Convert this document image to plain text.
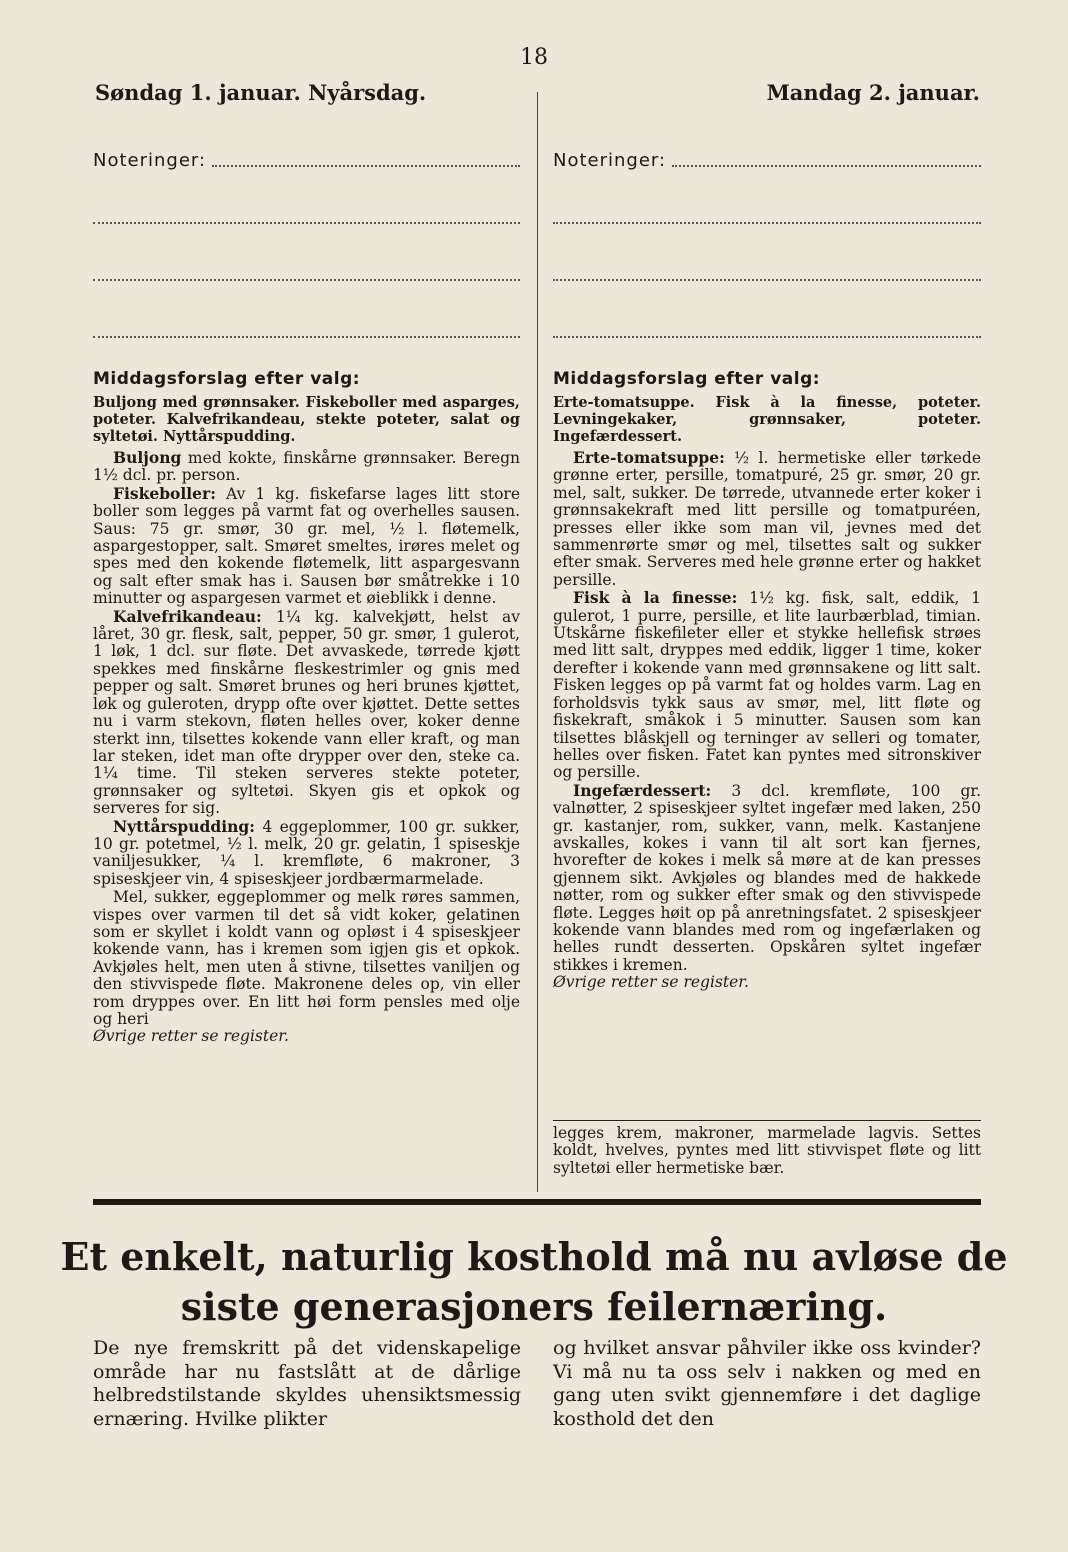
18
Søndag 1. januar. Nyårsdag.	Mandag 2. januar.
Noteringer:	Noteringer:
Middagsforslag efter valg:
Buljong med grønnsaker. Fiskeboller med asparges, poteter. Kalvefrikandeau, stekte poteter, salat og syltetøi. Nyttårspudding.

Buljong med kokte, finskårne grønnsaker. Beregn 1½ dcl. pr. person.

Fiskeboller: Av 1 kg. fiskefarse lages litt store boller som legges på varmt fat og overhelles sausen. Saus: 75 gr. smør, 30 gr. mel, ½ l. fløtemelk, aspargestopper, salt. Smøret smeltes, irøres melet og spes med den kokende fløtemelk, litt aspargesvann og salt efter smak has i. Sausen bør småtrekke i 10 minutter og aspargesen varmet et øieblikk i denne.

Kalvefrikandeau: 1¼ kg. kalvekjøtt, helst av låret, 30 gr. flesk, salt, pepper, 50 gr. smør, 1 gulerot, 1 løk, 1 dcl. sur fløte. Det avvaskede, tørrede kjøtt spekkes med finskårne fleskestrimler og gnis med pepper og salt. Smøret brunes og heri brunes kjøttet, løk og guleroten, drypp ofte over kjøttet. Dette settes nu i varm stekovn, fløten helles over, koker denne sterkt inn, tilsettes kokende vann eller kraft, og man lar steken, idet man ofte drypper over den, steke ca. 1¼ time. Til steken serveres stekte poteter, grønnsaker og syltetøi. Skyen gis et opkok og serveres for sig.

Nyttårspudding: 4 eggeplommer, 100 gr. sukker, 10 gr. potetmel, ½ l. melk, 20 gr. gelatin, 1 spiseskje vaniljesukker, ¼ l. kremfløte, 6 makroner, 3 spiseskjeer vin, 4 spiseskjeer jordbærmarmelade.

Mel, sukker, eggeplommer og melk røres sammen, vispes over varmen til det så vidt koker, gelatinen som er skyllet i koldt vann og opløst i 4 spiseskjeer kokende vann, has i kremen som igjen gis et opkok. Avkjøles helt, men uten å stivne, tilsettes vaniljen og den stivvispede fløte. Makronene deles op, vin eller rom dryppes over. En litt høi form pensles med olje og heri

Øvrige retter se register.

Middagsforslag efter valg:
Erte-tomatsuppe. Fisk à la finesse, poteter. Levningekaker, grønnsaker, poteter. Ingefærdessert.

Erte-tomatsuppe: ½ l. hermetiske eller tørkede grønne erter, persille, tomatpuré, 25 gr. smør, 20 gr. mel, salt, sukker. De tørrede, utvannede erter koker i grønnsakekraft med litt persille og tomatpuréen, presses eller ikke som man vil, jevnes med det sammenrørte smør og mel, tilsettes salt og sukker efter smak. Serveres med hele grønne erter og hakket persille.

Fisk à la finesse: 1½ kg. fisk, salt, eddik, 1 gulerot, 1 purre, persille, et lite laurbærblad, timian. Utskårne fiskefileter eller et stykke hellefisk strøes med litt salt, dryppes med eddik, ligger 1 time, koker derefter i kokende vann med grønnsakene og litt salt. Fisken legges op på varmt fat og holdes varm. Lag en forholdsvis tykk saus av smør, mel, litt fløte og fiskekraft, småkok i 5 minutter. Sausen som kan tilsettes blåskjell og terninger av selleri og tomater, helles over fisken. Fatet kan pyntes med sitronskiver og persille.

Ingefærdessert: 3 dcl. kremfløte, 100 gr. valnøtter, 2 spiseskjeer syltet ingefær med laken, 250 gr. kastanjer, rom, sukker, vann, melk. Kastanjene avskalles, kokes i vann til alt sort kan fjernes, hvorefter de kokes i melk så møre at de kan presses gjennem sikt. Avkjøles og blandes med de hakkede nøtter, rom og sukker efter smak og den stivvispede fløte. Legges høit op på anretningsfatet. 2 spiseskjeer kokende vann blandes med rom og ingefærlaken og helles rundt desserten. Opskåren syltet ingefær stikkes i kremen.

Øvrige retter se register.

legges krem, makroner, marmelade lagvis. Settes koldt, hvelves, pyntes med litt stivvispet fløte og litt syltetøi eller hermetiske bær.

Et enkelt, naturlig kosthold må nu avløse de siste generasjoners feilernæring.

De nye fremskritt på det videnskapelige område har nu fastslått at de dårlige helbredstilstande skyldes uhensiktsmessig ernæring. Hvilke plikter

og hvilket ansvar påhviler ikke oss kvinder? Vi må nu ta oss selv i nakken og med en gang uten svikt gjennemføre i det daglige kosthold det den
